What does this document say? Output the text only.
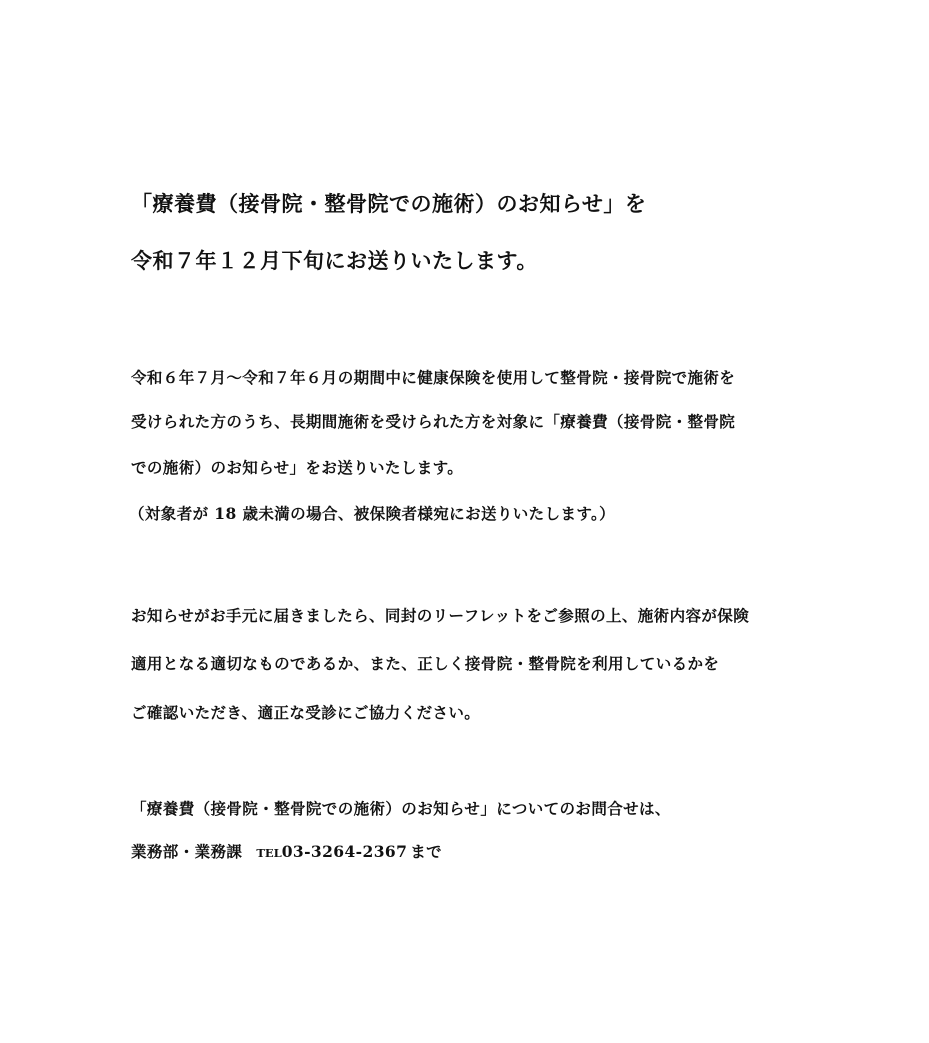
「療養費（接骨院・整骨院での施術）のお知らせ」を
令和７年１２月下旬にお送りいたします。
令和６年７月〜令和７年６月の期間中に健康保険を使用して整骨院・接骨院で施術を
受けられた方のうち、長期間施術を受けられた方を対象に「療養費（接骨院・整骨院
での施術）のお知らせ」をお送りいたします。
（対象者が 18 歳未満の場合、被保険者様宛にお送りいたします。）
お知らせがお手元に届きましたら、同封のリーフレットをご参照の上、施術内容が保険
適用となる適切なものであるか、また、正しく接骨院・整骨院を利用しているかを
ご確認いただき、適正な受診にご協力ください。
「療養費（接骨院・整骨院での施術）のお知らせ」についてのお問合せは、
業務部・業務課 TEL03-3264-2367 まで
